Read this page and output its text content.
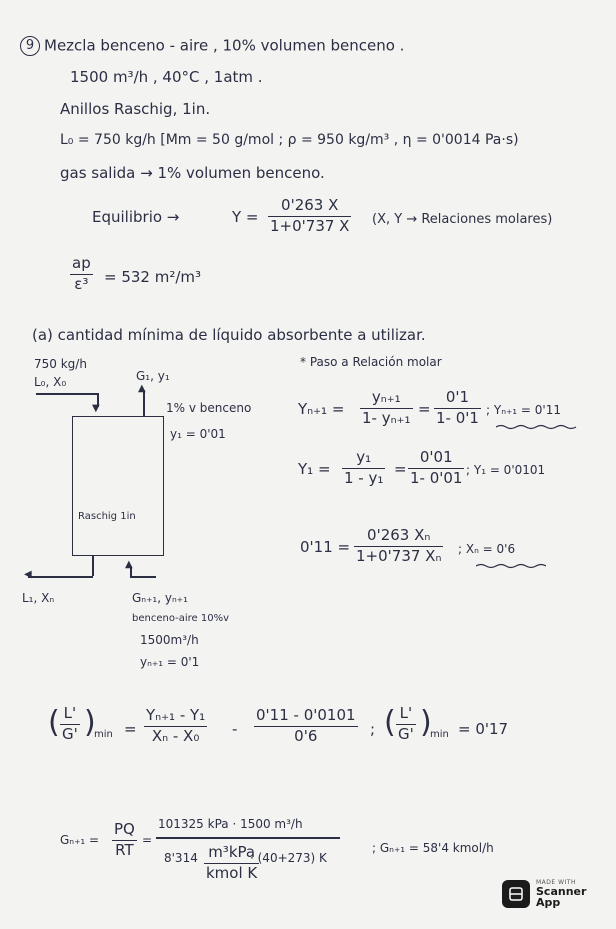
9 Mezcla benceno - aire , 10% volumen benceno .
1500 m³/h , 40°C , 1atm .
Anillos Raschig, 1in.
L₀ = 750 kg/h [Mm = 50 g/mol ; ρ = 950 kg/m³ , η = 0'0014 Pa·s)
gas salida → 1% volumen benceno.
Equilibrio →	Y =
0'263 X
1+0'737 X (X, Y → Relaciones molares)
ap
ε³ = 532 m²/m³
(a) cantidad mínima de líquido absorbente a utilizar.
* Paso a Relación molar
750 kg/h
L₀, X₀
▼
G₁, y₁
▲
1% v benceno
y₁ = 0'01
Raschig 1in
◀
L₁, Xₙ
▲
Gₙ₊₁, yₙ₊₁
benceno-aire 10%v
1500m³/h
yₙ₊₁ = 0'1
Yₙ₊₁ =
yₙ₊₁
1- yₙ₊₁ =
0'1
1- 0'1 ; Yₙ₊₁ = 0'11
Y₁ =
y₁
1 - y₁ =
0'01
1- 0'01 ; Y₁ = 0'0101
0'11 =
0'263 Xₙ
1+0'737 Xₙ ; Xₙ = 0'6
( L'
G' )
min =
Yₙ₊₁ - Y₁
Xₙ - X₀ -
0'11 - 0'0101
0'6	; ( L'
G' )
min = 0'17
Gₙ₊₁ =
PQ
RT
=
101325 kPa · 1500 m³/h
8'314 m³kPa
kmol K
· (40+273) K
; Gₙ₊₁ = 58'4 kmol/h
MADE WITH
Scanner
App
